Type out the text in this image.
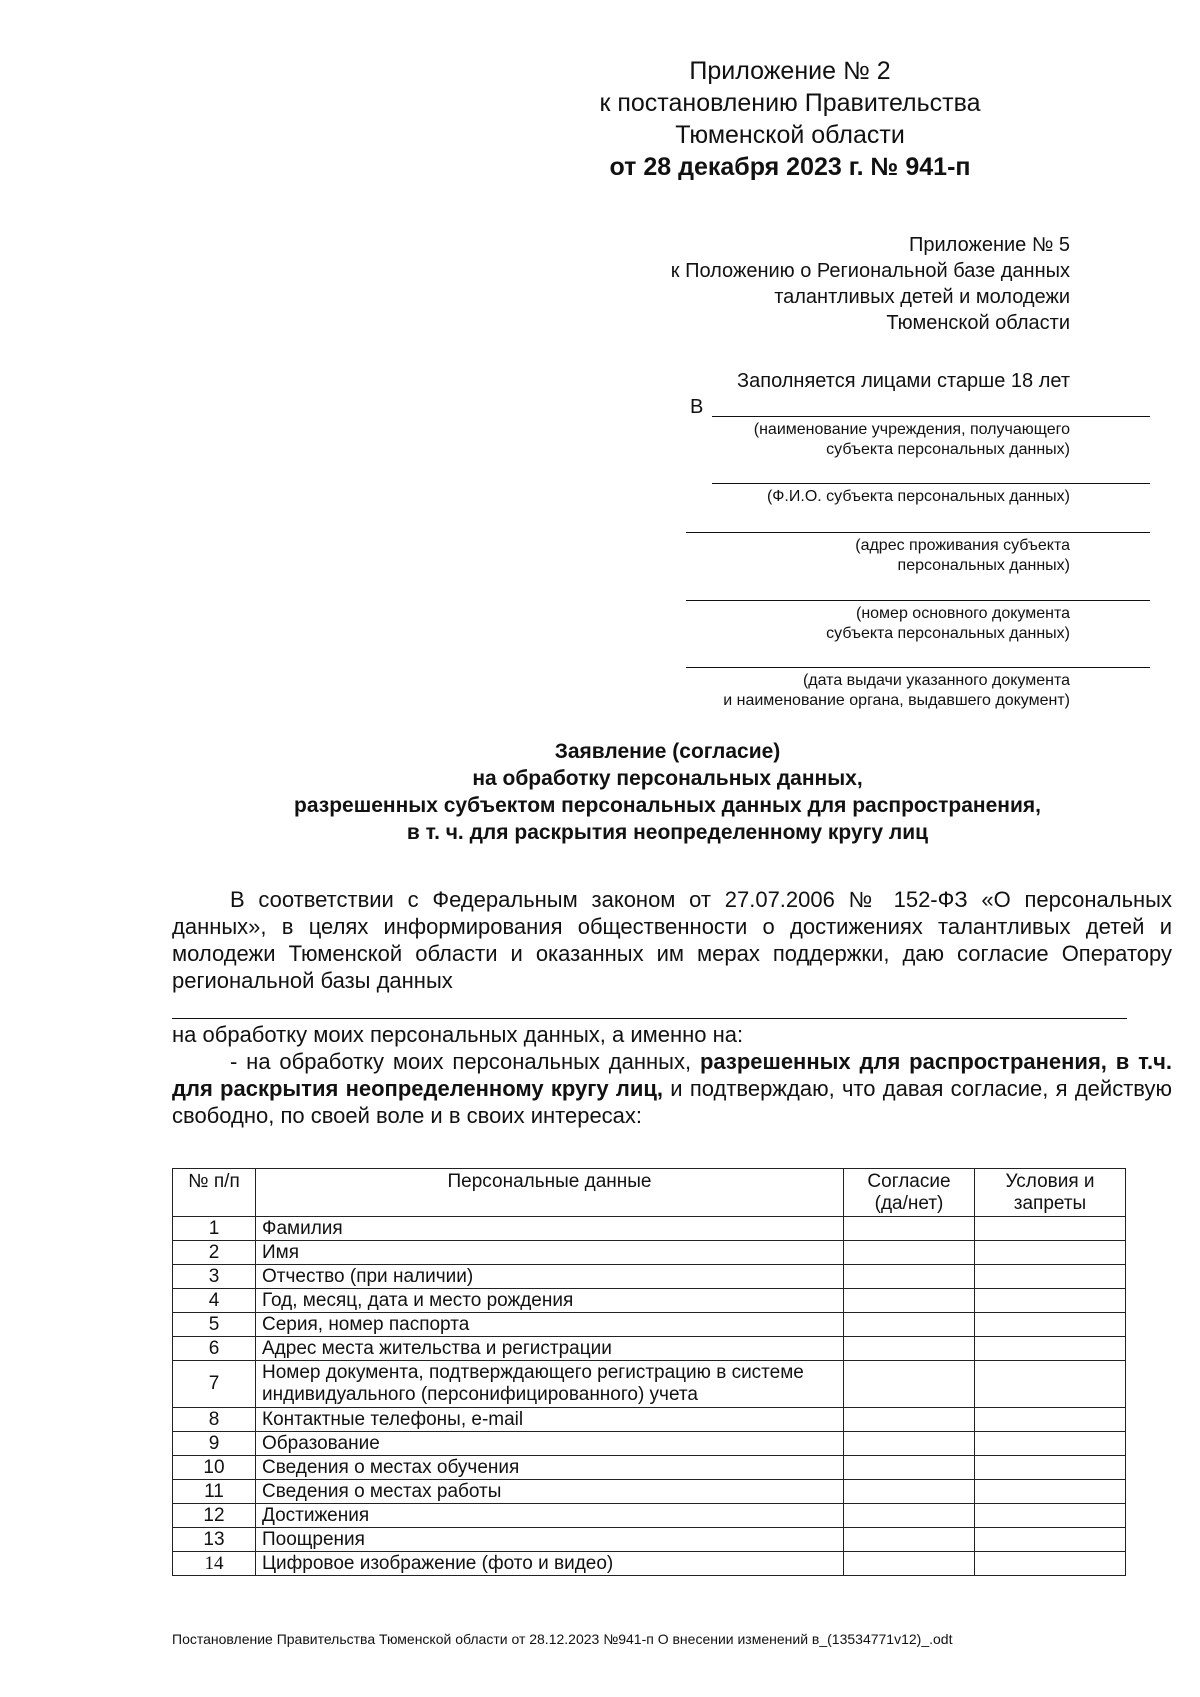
Приложение № 2
к постановлению Правительства
Тюменской области
от 28 декабря 2023 г. № 941-п
Приложение № 5
к Положению о Региональной базе данных
талантливых детей и молодежи
Тюменской области
Заполняется лицами старше 18 лет
В
(наименование учреждения, получающего
субъекта персональных данных)
(Ф.И.О. субъекта персональных данных)
(адрес проживания субъекта
персональных данных)
(номер основного документа
субъекта персональных данных)
(дата выдачи указанного документа
и наименование органа, выдавшего документ)
Заявление (согласие)
на обработку персональных данных,
разрешенных субъектом персональных данных для распространения,
в т. ч. для раскрытия неопределенному кругу лиц
В соответствии с Федеральным законом от 27.07.2006 № 152-ФЗ «О персональных данных», в целях информирования общественности о достижениях талантливых детей и молодежи Тюменской области и оказанных им мерах поддержки, даю согласие Оператору региональной базы данных
на обработку моих персональных данных, а именно на:
- на обработку моих персональных данных, разрешенных для распространения, в т.ч. для раскрытия неопределенному кругу лиц, и подтверждаю, что давая согласие, я действую свободно, по своей воле и в своих интересах:
№ п/п	Персональные данные	Согласие (да/нет)	Условия и запреты
1	Фамилия		
2	Имя		
3	Отчество (при наличии)		
4	Год, месяц, дата и место рождения		
5	Серия, номер паспорта		
6	Адрес места жительства и регистрации		
7	Номер документа, подтверждающего регистрацию в системе индивидуального (персонифицированного) учета		
8	Контактные телефоны, e-mail		
9	Образование		
10	Сведения о местах обучения		
11	Сведения о местах работы		
12	Достижения		
13	Поощрения		
14	Цифровое изображение (фото и видео)		
Постановление Правительства Тюменской области от 28.12.2023 №941-п О внесении изменений в_(13534771v12)_.odt
